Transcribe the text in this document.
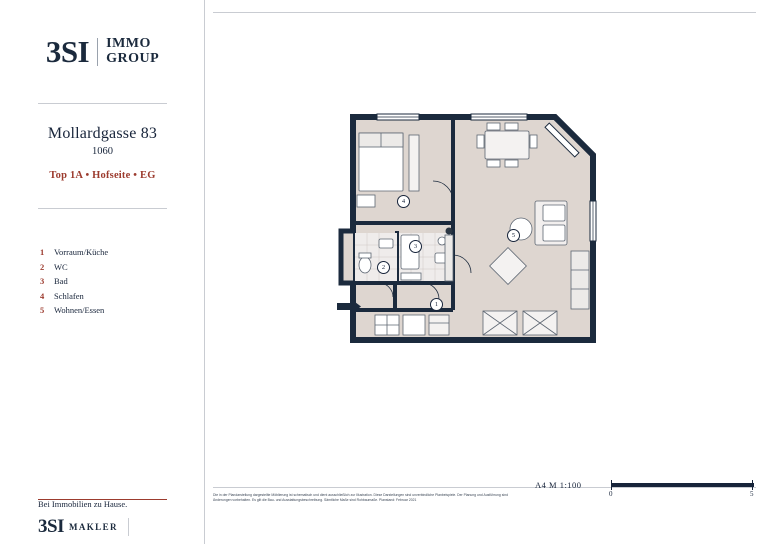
3SI IMMO
GROUP
Mollardgasse 83
1060
Top 1A • Hofseite • EG
1	Vorraum/Küche
2	WC
3	Bad
4	Schlafen
5	Wohnen/Essen
Bei Immobilien zu Hause.
3SI MAKLER
1
2
3
4
5
A4 M 1:100
0	5
Die in der Plandarstellung dargestellte Möblierung ist schematisch und dient ausschließlich zur Illustration. Diese Darstellungen sind unverbindliche Planbeispiele. Der Planung und Ausführung sind Änderungen vorbehalten. Es gilt die Bau- und Ausstattungsbeschreibung. Sämtliche Maße sind Rohbaumaße. Planstand: Februar 2021
